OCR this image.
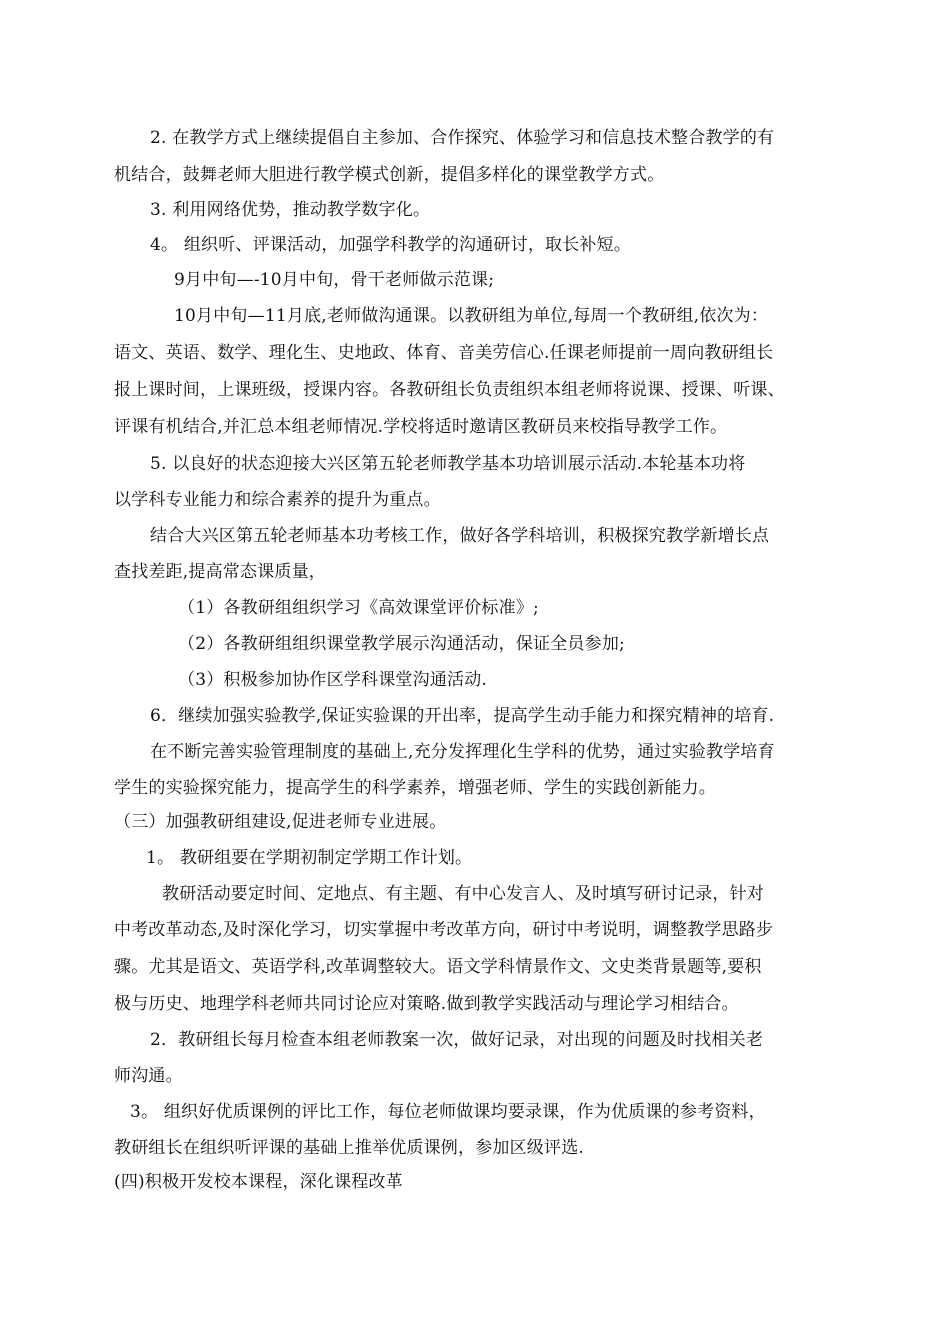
2. 在教学方式上继续提倡自主参加、合作探究、体验学习和信息技术整合教学的有
机结合，鼓舞老师大胆进行教学模式创新，提倡多样化的课堂教学方式。
3. 利用网络优势，推动教学数字化。
4。 组织听、评课活动，加强学科教学的沟通研讨，取长补短。
9月中旬—-10月中旬，骨干老师做示范课;
10月中旬—11月底,老师做沟通课。以教研组为单位,每周一个教研组,依次为：
语文、英语、数学、理化生、史地政、体育、音美劳信心.任课老师提前一周向教研组长
报上课时间，上课班级，授课内容。各教研组长负责组织本组老师将说课、授课、听课、
评课有机结合,并汇总本组老师情况.学校将适时邀请区教研员来校指导教学工作。
5. 以良好的状态迎接大兴区第五轮老师教学基本功培训展示活动.本轮基本功将
以学科专业能力和综合素养的提升为重点。
结合大兴区第五轮老师基本功考核工作，做好各学科培训，积极探究教学新增长点
查找差距,提高常态课质量，
（1）各教研组组织学习《高效课堂评价标准》;
（2）各教研组组织课堂教学展示沟通活动，保证全员参加;
（3）积极参加协作区学科课堂沟通活动.
6．继续加强实验教学,保证实验课的开出率，提高学生动手能力和探究精神的培育.
在不断完善实验管理制度的基础上,充分发挥理化生学科的优势，通过实验教学培育
学生的实验探究能力，提高学生的科学素养，增强老师、学生的实践创新能力。
（三）加强教研组建设,促进老师专业进展。
1。 教研组要在学期初制定学期工作计划。
教研活动要定时间、定地点、有主题、有中心发言人、及时填写研讨记录，针对
中考改革动态,及时深化学习，切实掌握中考改革方向，研讨中考说明，调整教学思路步
骤。尤其是语文、英语学科,改革调整较大。语文学科情景作文、文史类背景题等,要积
极与历史、地理学科老师共同讨论应对策略.做到教学实践活动与理论学习相结合。
2．教研组长每月检查本组老师教案一次，做好记录，对出现的问题及时找相关老
师沟通。
3。 组织好优质课例的评比工作，每位老师做课均要录课，作为优质课的参考资料，
教研组长在组织听评课的基础上推举优质课例，参加区级评选.
(四)积极开发校本课程，深化课程改革
